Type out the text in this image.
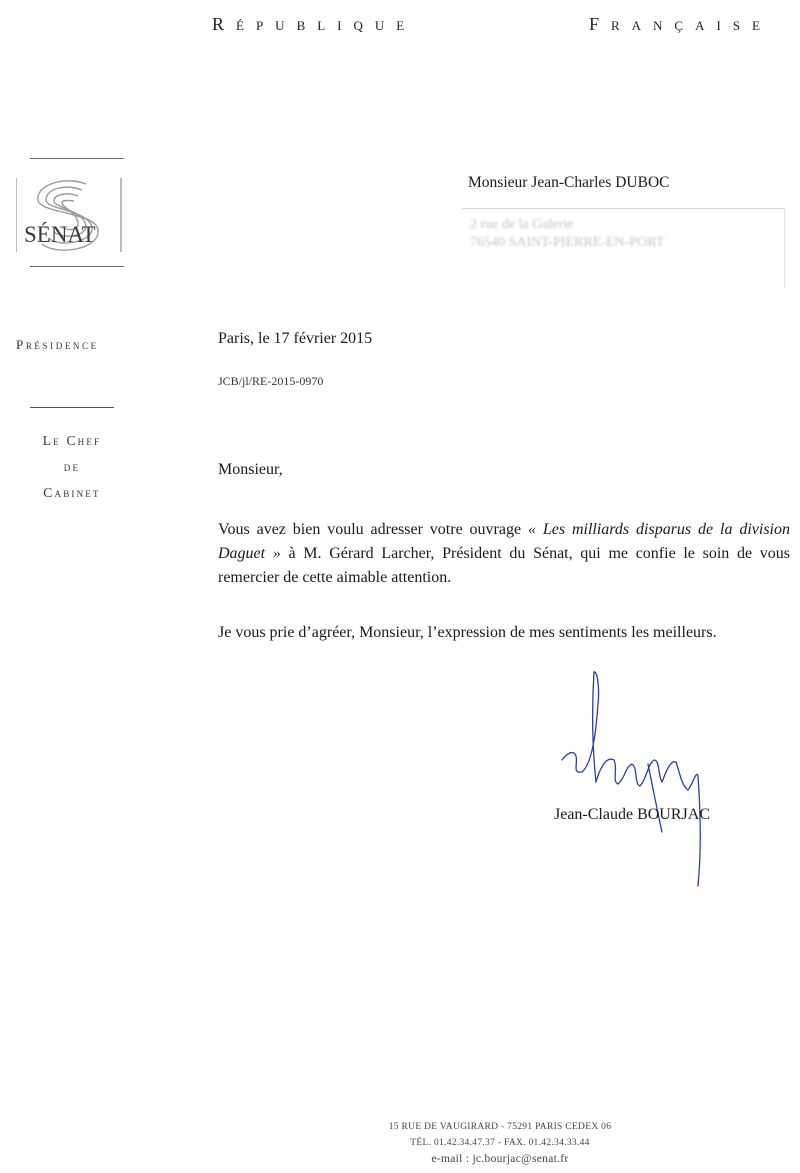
République	Française
SÉNAT
Présidence
Le Chef
de
Cabinet
Monsieur Jean-Charles DUBOC
2 rue de la Galerie
76540 SAINT-PIERRE-EN-PORT
Paris, le 17 février 2015
JCB/jl/RE-2015-0970
Monsieur,
Vous avez bien voulu adresser votre ouvrage « Les milliards disparus de la division Daguet » à M. Gérard Larcher, Président du Sénat, qui me confie le soin de vous remercier de cette aimable attention.
Je vous prie d’agréer, Monsieur, l’expression de mes sentiments les meilleurs.
Jean-Claude BOURJAC
15 RUE DE VAUGIRARD - 75291 PARIS CEDEX 06
TÉL. 01.42.34.47.37 - FAX. 01.42.34.33.44
e-mail : jc.bourjac@senat.fr
